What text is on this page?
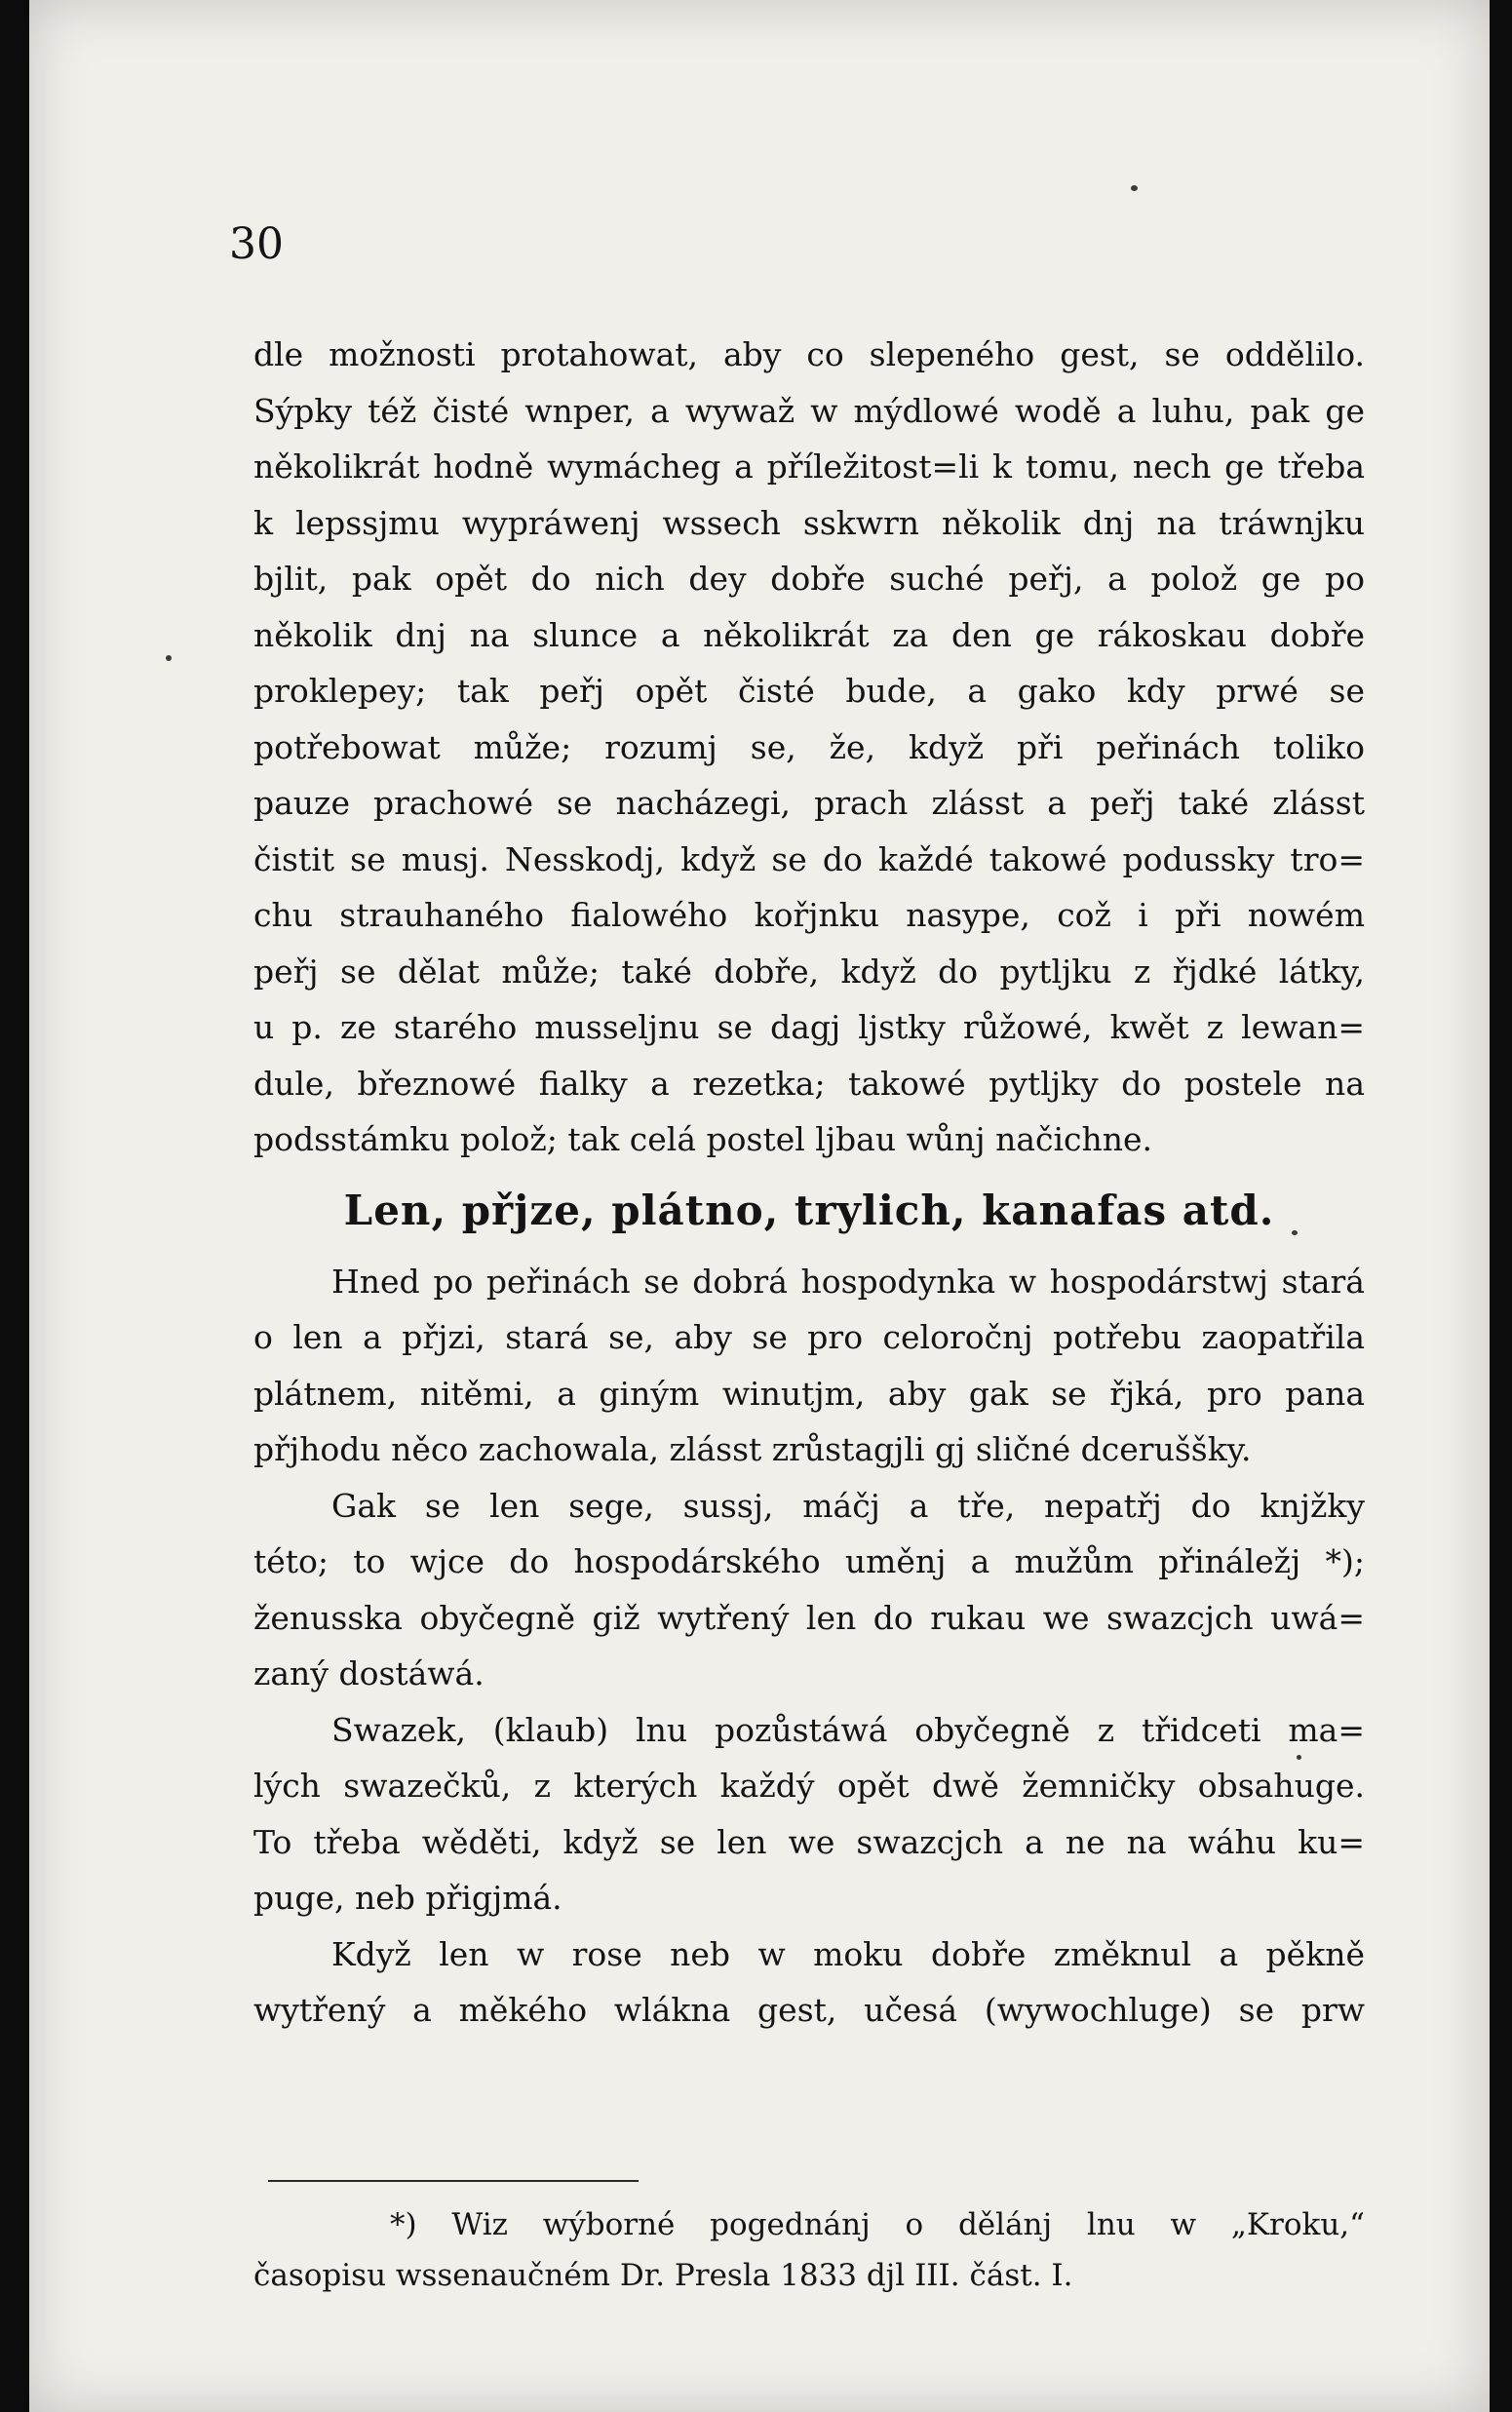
30
dle možnosti protahowat, aby co slepeného gest, se oddělilo.
Sýpky též čisté wnper, a wywaž w mýdlowé wodě a luhu, pak ge
několikrát hodně wymácheg a příležitost=li k tomu, nech ge třeba
k lepssjmu wypráwenj wssech sskwrn několik dnj na tráwnjku
bjlit, pak opět do nich dey dobře suché peřj, a polož ge po
několik dnj na slunce a několikrát za den ge rákoskau dobře
proklepey; tak peřj opět čisté bude, a gako kdy prwé se
potřebowat může; rozumj se, že, když při peřinách toliko
pauze prachowé se nacházegi, prach zlásst a peřj také zlásst
čistit se musj. Nesskodj, když se do každé takowé podussky tro=
chu strauhaného fialowého kořjnku nasype, což i při nowém
peřj se dělat může; také dobře, když do pytljku z řjdké látky,
u p. ze starého musseljnu se dagj ljstky růžowé, kwět z lewan=
dule, březnowé fialky a rezetka; takowé pytljky do postele na
podsstámku polož; tak celá postel ljbau wůnj načichne.
Len, přjze, plátno, trylich, kanafas atd.
Hned po peřinách se dobrá hospodynka w hospodárstwj stará
o len a přjzi, stará se, aby se pro celoročnj potřebu zaopatřila
plátnem, nitěmi, a giným winutjm, aby gak se řjká, pro pana
přjhodu něco zachowala, zlásst zrůstagjli gj sličné dceruššky.
Gak se len sege, sussj, máčj a tře, nepatřj do knjžky
této; to wjce do hospodárského uměnj a mužům přináležj *);
ženusska obyčegně giž wytřený len do rukau we swazcjch uwá=
zaný dostáwá.
Swazek, (klaub) lnu pozůstáwá obyčegně z třidceti ma=
lých swazečků, z kterých každý opět dwě žemničky obsahuge.
To třeba wěděti, když se len we swazcjch a ne na wáhu ku=
puge, neb přigjmá.
Když len w rose neb w moku dobře změknul a pěkně
wytřený a měkého wlákna gest, učesá (wywochluge) se prw
*) Wiz wýborné pogednánj o dělánj lnu w „Kroku,“
časopisu wssenaučném Dr. Presla 1833 djl III. část. I.
